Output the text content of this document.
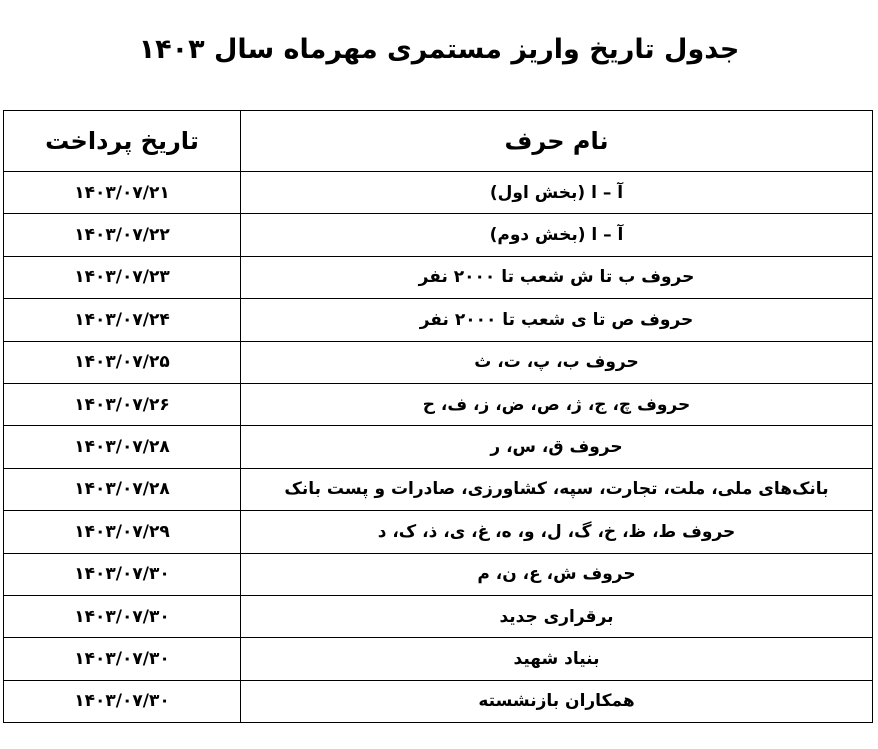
جدول تاریخ واریز مستمری مهرماه سال ۱۴۰۳
نام حرف	تاریخ پرداخت
آ – ا (بخش اول)	۱۴۰۳/۰۷/۲۱
آ – ا (بخش دوم)	۱۴۰۳/۰۷/۲۲
حروف ب تا ش شعب تا ۲۰۰۰ نفر	۱۴۰۳/۰۷/۲۳
حروف ص تا ی شعب تا ۲۰۰۰ نفر	۱۴۰۳/۰۷/۲۴
حروف ب، پ، ت، ث	۱۴۰۳/۰۷/۲۵
حروف چ، ج، ژ، ص، ض، ز، ف، ح	۱۴۰۳/۰۷/۲۶
حروف ق، س، ر	۱۴۰۳/۰۷/۲۸
بانک‌های ملی، ملت، تجارت، سپه، کشاورزی، صادرات و پست بانک	۱۴۰۳/۰۷/۲۸
حروف ط، ظ، خ، گ، ل، و، ه، غ، ی، ذ، ک، د	۱۴۰۳/۰۷/۲۹
حروف ش، ع، ن، م	۱۴۰۳/۰۷/۳۰
برقراری جدید	۱۴۰۳/۰۷/۳۰
بنیاد شهید	۱۴۰۳/۰۷/۳۰
همکاران بازنشسته	۱۴۰۳/۰۷/۳۰
